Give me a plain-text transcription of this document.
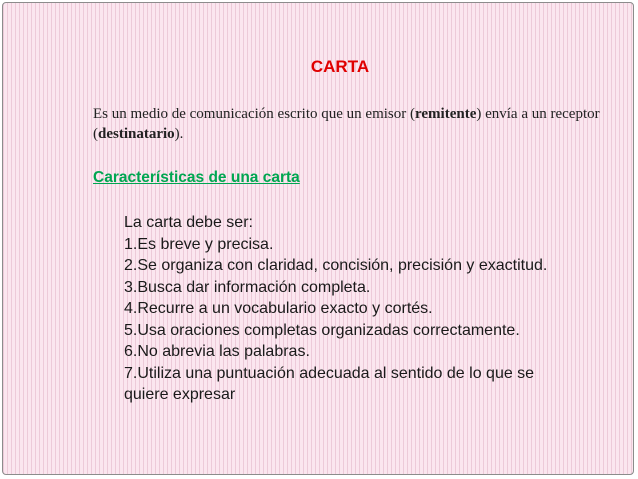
CARTA
Es un medio de comunicación escrito que un emisor (remitente) envía a un receptor (destinatario).
Características de una carta
La carta debe ser:
1.Es breve y precisa.
2.Se organiza con claridad, concisión, precisión y exactitud.
3.Busca dar información completa.
4.Recurre a un vocabulario exacto y cortés.
5.Usa oraciones completas organizadas correctamente.
6.No abrevia las palabras.
7.Utiliza una puntuación adecuada al sentido de lo que se
quiere expresar
